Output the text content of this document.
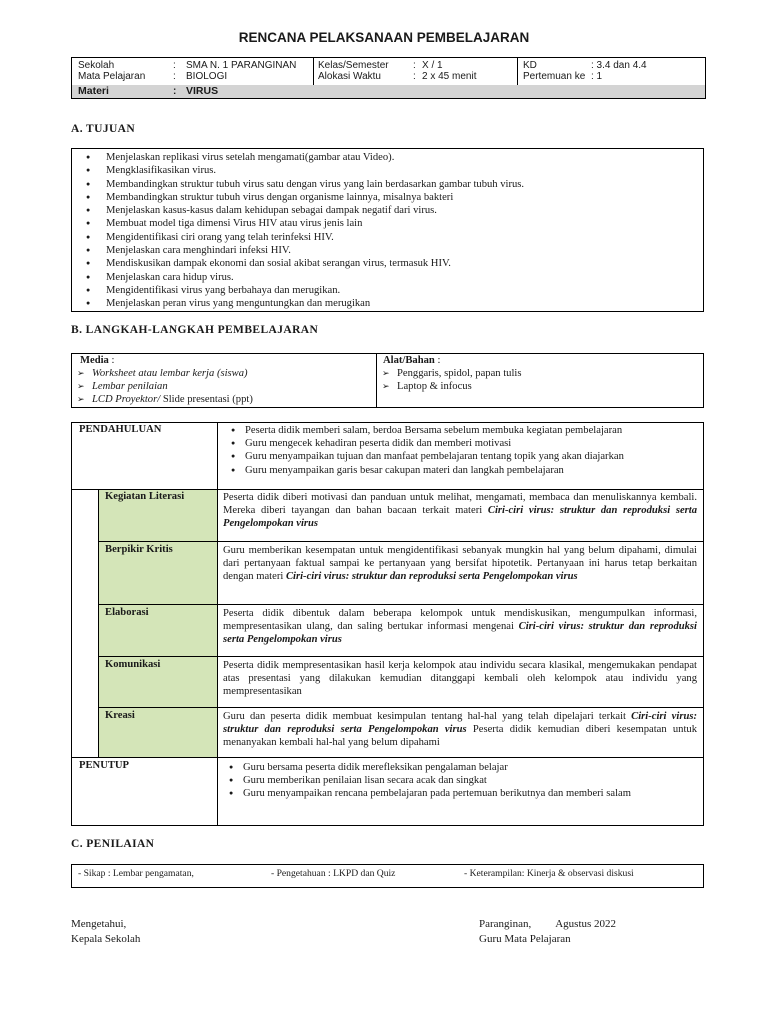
RENCANA PELAKSANAAN PEMBELAJARAN
Sekolah	: SMA N. 1 PARANGINAN
Mata Pelajaran	: BIOLOGI
Kelas/Semester : X / 1
Alokasi Waktu	: 2 x 45 menit
KD	: 3.4 dan 4.4
Pertemuan ke : 1
Materi	: VIRUS
A. TUJUAN
● Menjelaskan replikasi virus setelah mengamati(gambar atau Video).
● Mengklasifikasikan virus.
● Membandingkan struktur tubuh virus satu dengan virus yang lain berdasarkan gambar tubuh virus.
● Membandingkan struktur tubuh virus dengan organisme lainnya, misalnya bakteri
● Menjelaskan kasus-kasus dalam kehidupan sebagai dampak negatif dari virus.
● Membuat model tiga dimensi Virus HIV atau virus jenis lain
● Mengidentifikasi ciri orang yang telah terinfeksi HIV.
● Menjelaskan cara menghindari infeksi HIV.
● Mendiskusikan dampak ekonomi dan sosial akibat serangan virus, termasuk HIV.
● Menjelaskan cara hidup virus.
● Mengidentifikasi virus yang berbahaya dan merugikan.
● Menjelaskan peran virus yang menguntungkan dan merugikan
B. LANGKAH-LANGKAH PEMBELAJARAN
Media :
➢ Worksheet atau lembar kerja (siswa)
➢ Lembar penilaian
➢ LCD Proyektor/ Slide presentasi (ppt)
Alat/Bahan :
➢ Penggaris, spidol, papan tulis
➢ Laptop & infocus
PENDAHULUAN	● Peserta didik memberi salam, berdoa Bersama sebelum membuka kegiatan pembelajaran
● Guru mengecek kehadiran peserta didik dan memberi motivasi
● Guru menyampaikan tujuan dan manfaat pembelajaran tentang topik yang akan diajarkan
● Guru menyampaikan garis besar cakupan materi dan langkah pembelajaran
Kegiatan Literasi	Peserta didik diberi motivasi dan panduan untuk melihat, mengamati, membaca dan menuliskannya kembali. Mereka diberi tayangan dan bahan bacaan terkait materi Ciri-ciri virus: struktur dan reproduksi serta Pengelompokan virus
Berpikir Kritis	Guru memberikan kesempatan untuk mengidentifikasi sebanyak mungkin hal yang belum dipahami, dimulai dari pertanyaan faktual sampai ke pertanyaan yang bersifat hipotetik. Pertanyaan ini harus tetap berkaitan dengan materi Ciri-ciri virus: struktur dan reproduksi serta Pengelompokan virus
Elaborasi	Peserta didik dibentuk dalam beberapa kelompok untuk mendiskusikan, mengumpulkan informasi, mempresentasikan ulang, dan saling bertukar informasi mengenai Ciri-ciri virus: struktur dan reproduksi serta Pengelompokan virus
Komunikasi	Peserta didik mempresentasikan hasil kerja kelompok atau individu secara klasikal, mengemukakan pendapat atas presentasi yang dilakukan kemudian ditanggapi kembali oleh kelompok atau individu yang mempresentasikan
Kreasi	Guru dan peserta didik membuat kesimpulan tentang hal-hal yang telah dipelajari terkait Ciri-ciri virus: struktur dan reproduksi serta Pengelompokan virus Peserta didik kemudian diberi kesempatan untuk menanyakan kembali hal-hal yang belum dipahami
PENUTUP	● Guru bersama peserta didik merefleksikan pengalaman belajar
● Guru memberikan penilaian lisan secara acak dan singkat
● Guru menyampaikan rencana pembelajaran pada pertemuan berikutnya dan memberi salam
C. PENILAIAN
- Sikap : Lembar pengamatan,	- Pengetahuan : LKPD dan Quiz	- Keterampilan: Kinerja & observasi diskusi
Mengetahui,
Kepala Sekolah
Paranginan, Agustus 2022
Guru Mata Pelajaran
